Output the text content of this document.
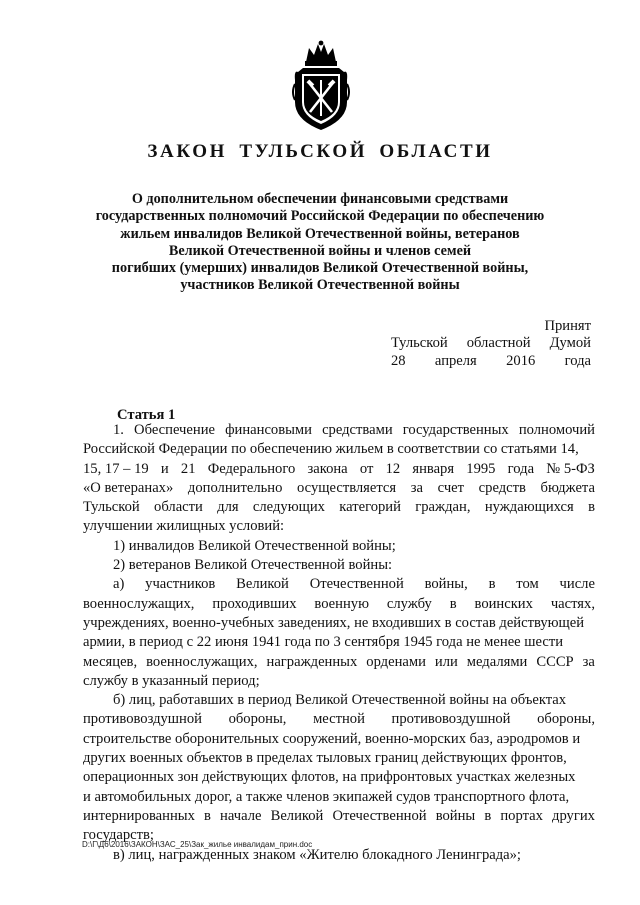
ЗАКОН ТУЛЬСКОЙ ОБЛАСТИ
О дополнительном обеспечении финансовыми средствами
государственных полномочий Российской Федерации по обеспечению
жильем инвалидов Великой Отечественной войны, ветеранов
Великой Отечественной войны и членов семей
погибших (умерших) инвалидов Великой Отечественной войны,
участников Великой Отечественной войны
Принят
Тульской областной Думой
28 апреля 2016 года
Статья 1
1. Обеспечение финансовыми средствами государственных полномочий
Российской Федерации по обеспечению жильем в соответствии со статьями 14,
15, 17 – 19 и 21 Федерального закона от 12 января 1995 года № 5-ФЗ
«О ветеранах» дополнительно осуществляется за счет средств бюджета
Тульской области для следующих категорий граждан, нуждающихся в
улучшении жилищных условий:
1) инвалидов Великой Отечественной войны;
2) ветеранов Великой Отечественной войны:
а) участников Великой Отечественной войны, в том числе
военнослужащих, проходивших военную службу в воинских частях,
учреждениях, военно-учебных заведениях, не входивших в состав действующей
армии, в период с 22 июня 1941 года по 3 сентября 1945 года не менее шести
месяцев, военнослужащих, награжденных орденами или медалями СССР за
службу в указанный период;
б) лиц, работавших в период Великой Отечественной войны на объектах
противовоздушной обороны, местной противовоздушной обороны,
строительстве оборонительных сооружений, военно-морских баз, аэродромов и
других военных объектов в пределах тыловых границ действующих фронтов,
операционных зон действующих флотов, на прифронтовых участках железных
и автомобильных дорог, а также членов экипажей судов транспортного флота,
интернированных в начале Великой Отечественной войны в портах других
государств;
в) лиц, награжденных знаком «Жителю блокадного Ленинграда»;
D:\Г\Д6\2016\ЗАКОН\ЗАС_25\Зак_жилье инвалидам_прин.doc
